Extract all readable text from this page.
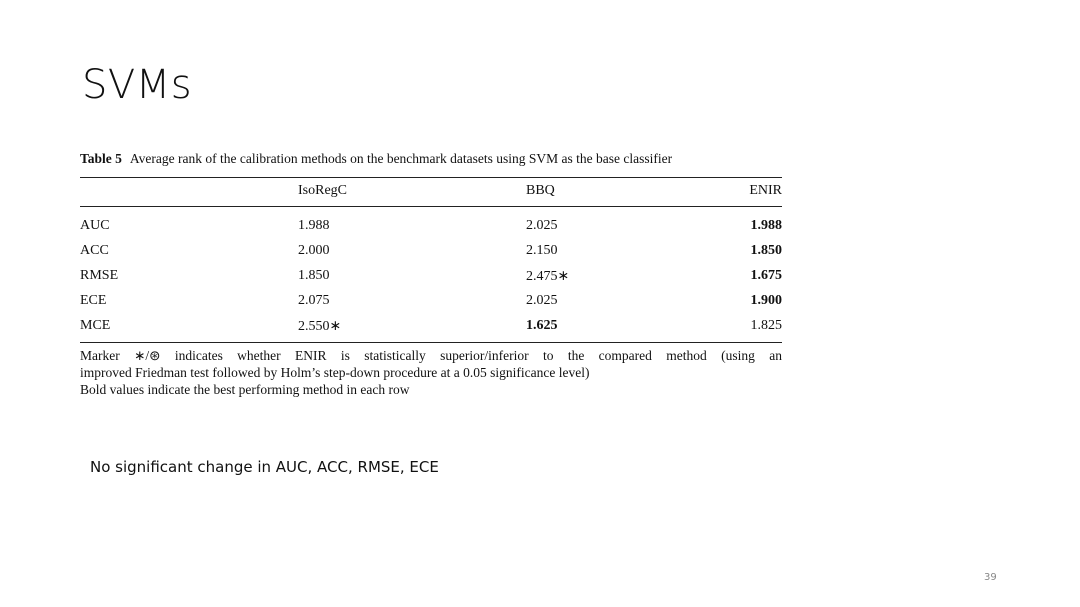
SVMs
Table 5 Average rank of the calibration methods on the benchmark datasets using SVM as the base classifier
	IsoRegC	BBQ	ENIR
AUC	1.988	2.025	1.988
ACC	2.000	2.150	1.850
RMSE	1.850	2.475∗	1.675
ECE	2.075	2.025	1.900
MCE	2.550∗	1.625	1.825
Marker ∗/⊛ indicates whether ENIR is statistically superior/inferior to the compared method (using an
improved Friedman test followed by Holm’s step-down procedure at a 0.05 significance level)
Bold values indicate the best performing method in each row
No significant change in AUC, ACC, RMSE, ECE
39
